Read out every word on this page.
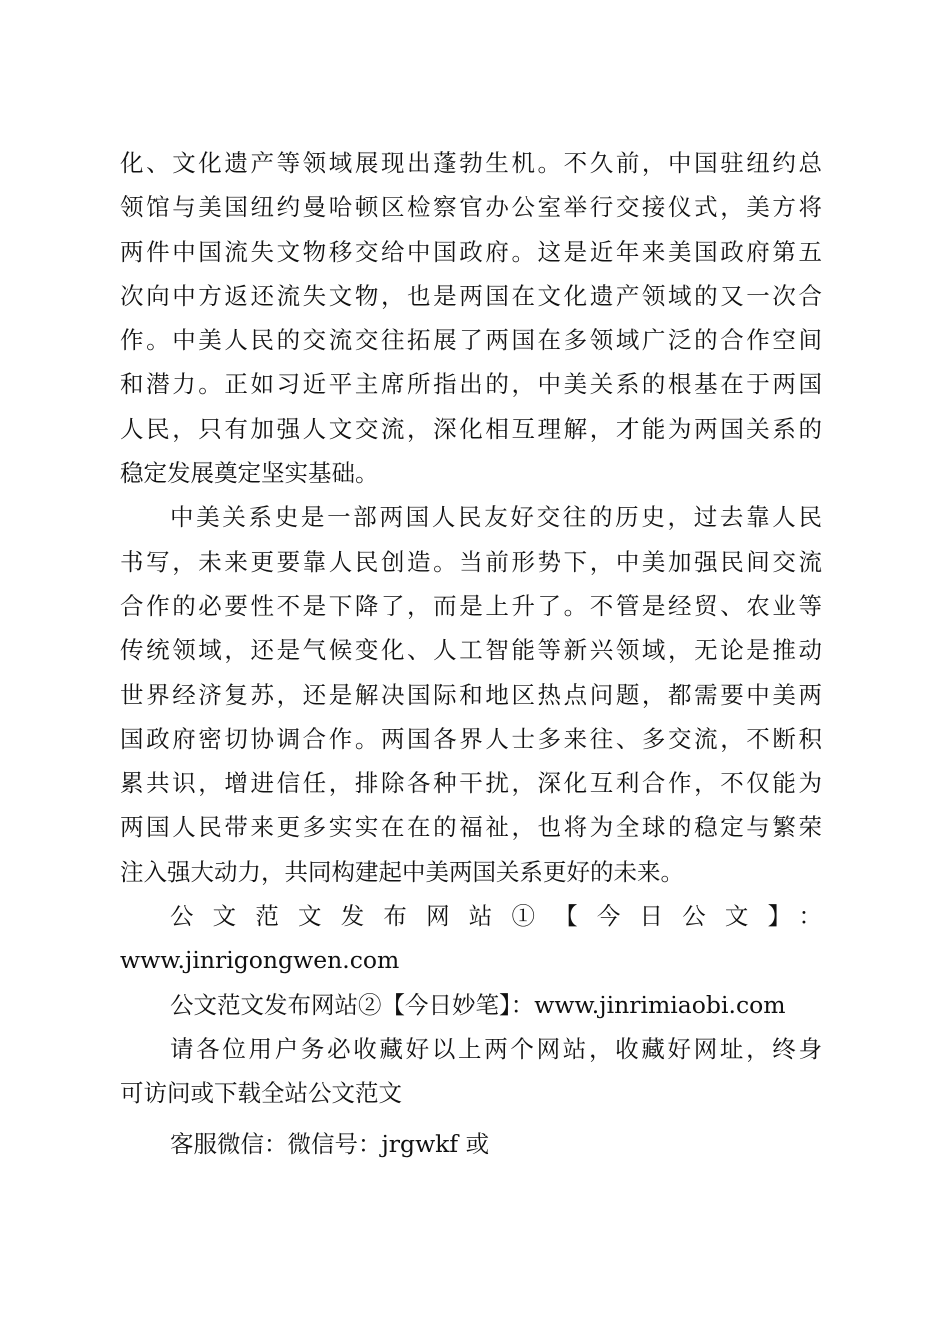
化、文化遗产等领域展现出蓬勃生机。不久前，中国驻纽约总
领馆与美国纽约曼哈顿区检察官办公室举行交接仪式，美方将
两件中国流失文物移交给中国政府。这是近年来美国政府第五
次向中方返还流失文物，也是两国在文化遗产领域的又一次合
作。中美人民的交流交往拓展了两国在多领域广泛的合作空间
和潜力。正如习近平主席所指出的，中美关系的根基在于两国
人民，只有加强人文交流，深化相互理解，才能为两国关系的
稳定发展奠定坚实基础。
中美关系史是一部两国人民友好交往的历史，过去靠人民
书写，未来更要靠人民创造。当前形势下，中美加强民间交流
合作的必要性不是下降了，而是上升了。不管是经贸、农业等
传统领域，还是气候变化、人工智能等新兴领域，无论是推动
世界经济复苏，还是解决国际和地区热点问题，都需要中美两
国政府密切协调合作。两国各界人士多来往、多交流，不断积
累共识，增进信任，排除各种干扰，深化互利合作，不仅能为
两国人民带来更多实实在在的福祉，也将为全球的稳定与繁荣
注入强大动力，共同构建起中美两国关系更好的未来。
公文范文发布网站①【今日公文】：
www.jinrigongwen.com
公文范文发布网站②【今日妙笔】：www.jinrimiaobi.com
请各位用户务必收藏好以上两个网站，收藏好网址，终身
可访问或下载全站公文范文
客服微信：微信号：jrgwkf 或
